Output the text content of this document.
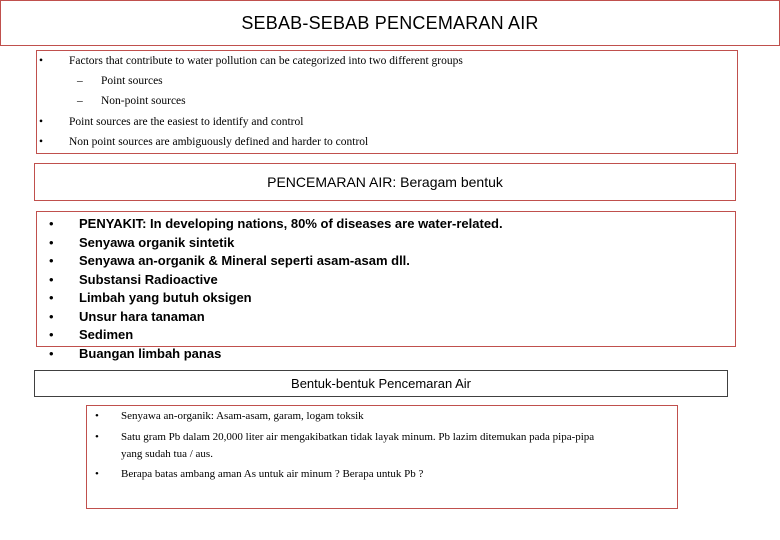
SEBAB-SEBAB PENCEMARAN AIR
• Factors that contribute to water pollution can be categorized into two different groups
– Point sources
– Non-point sources
• Point sources are the easiest to identify and control
• Non point sources are ambiguously defined and harder to control
PENCEMARAN AIR: Beragam bentuk
• PENYAKIT: In developing nations, 80% of diseases are water-related.
• Senyawa organik sintetik
• Senyawa an-organik & Mineral seperti asam-asam dll.
• Substansi Radioactive
• Limbah yang butuh oksigen
• Unsur hara tanaman
• Sedimen
• Buangan limbah panas
Bentuk-bentuk Pencemaran Air
• Senyawa an-organik: Asam-asam, garam, logam toksik
• Satu gram Pb dalam 20,000 liter air mengakibatkan tidak layak minum. Pb lazim ditemukan pada pipa-pipa
yang sudah tua / aus.
• Berapa batas ambang aman As untuk air minum ? Berapa untuk Pb ?
